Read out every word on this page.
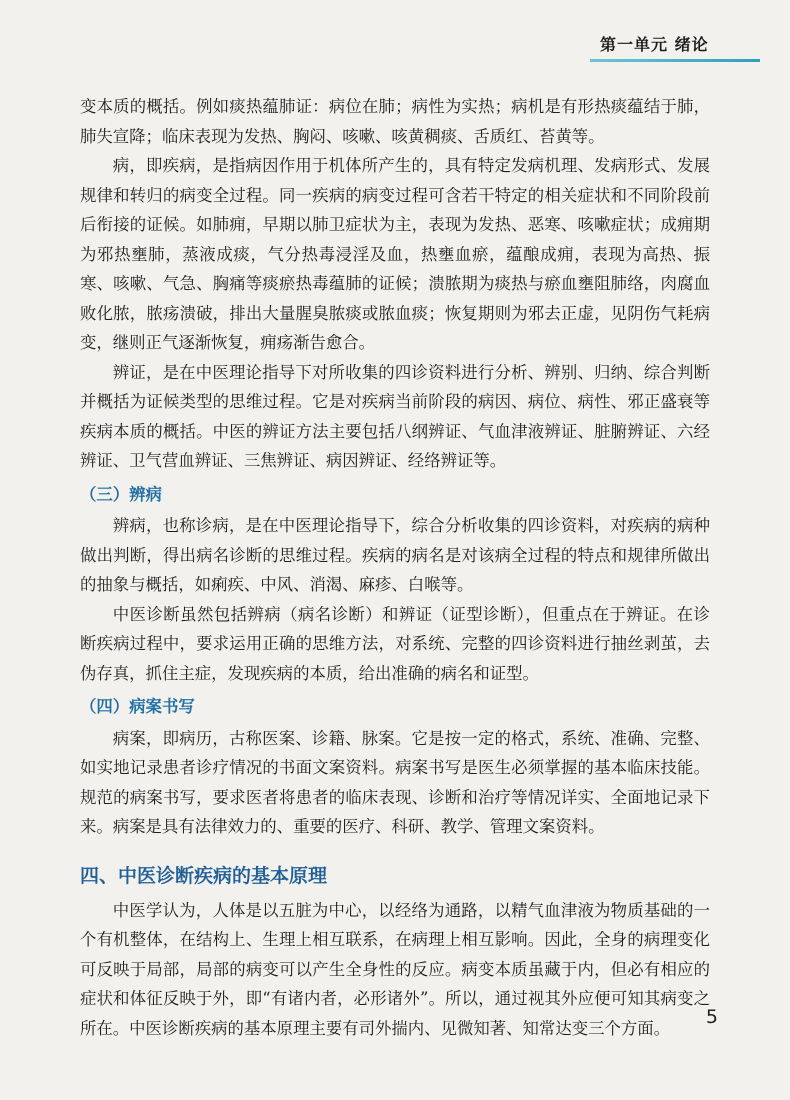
第一单元 绪论

变本质的概括。例如痰热蕴肺证：病位在肺；病性为实热；病机是有形热痰蕴结于肺，肺失宣降；临床表现为发热、胸闷、咳嗽、咳黄稠痰、舌质红、苔黄等。

病，即疾病，是指病因作用于机体所产生的，具有特定发病机理、发病形式、发展规律和转归的病变全过程。同一疾病的病变过程可含若干特定的相关症状和不同阶段前后衔接的证候。如肺痈，早期以肺卫症状为主，表现为发热、恶寒、咳嗽症状；成痈期为邪热壅肺，蒸液成痰，气分热毒浸淫及血，热壅血瘀，蕴酿成痈，表现为高热、振寒、咳嗽、气急、胸痛等痰瘀热毒蕴肺的证候；溃脓期为痰热与瘀血壅阻肺络，肉腐血败化脓，脓疡溃破，排出大量腥臭脓痰或脓血痰；恢复期则为邪去正虚，见阴伤气耗病变，继则正气逐渐恢复，痈疡渐告愈合。

辨证，是在中医理论指导下对所收集的四诊资料进行分析、辨别、归纳、综合判断并概括为证候类型的思维过程。它是对疾病当前阶段的病因、病位、病性、邪正盛衰等疾病本质的概括。中医的辨证方法主要包括八纲辨证、气血津液辨证、脏腑辨证、六经辨证、卫气营血辨证、三焦辨证、病因辨证、经络辨证等。

（三）辨病

辨病，也称诊病，是在中医理论指导下，综合分析收集的四诊资料，对疾病的病种做出判断，得出病名诊断的思维过程。疾病的病名是对该病全过程的特点和规律所做出的抽象与概括，如痢疾、中风、消渴、麻疹、白喉等。

中医诊断虽然包括辨病（病名诊断）和辨证（证型诊断），但重点在于辨证。在诊断疾病过程中，要求运用正确的思维方法，对系统、完整的四诊资料进行抽丝剥茧，去伪存真，抓住主症，发现疾病的本质，给出准确的病名和证型。

（四）病案书写

病案，即病历，古称医案、诊籍、脉案。它是按一定的格式，系统、准确、完整、如实地记录患者诊疗情况的书面文案资料。病案书写是医生必须掌握的基本临床技能。规范的病案书写，要求医者将患者的临床表现、诊断和治疗等情况详实、全面地记录下来。病案是具有法律效力的、重要的医疗、科研、教学、管理文案资料。

四、中医诊断疾病的基本原理

中医学认为，人体是以五脏为中心，以经络为通路，以精气血津液为物质基础的一个有机整体，在结构上、生理上相互联系，在病理上相互影响。因此，全身的病理变化可反映于局部，局部的病变可以产生全身性的反应。病变本质虽藏于内，但必有相应的症状和体征反映于外，即“有诸内者，必形诸外”。所以，通过视其外应便可知其病变之所在。中医诊断疾病的基本原理主要有司外揣内、见微知著、知常达变三个方面。	5
